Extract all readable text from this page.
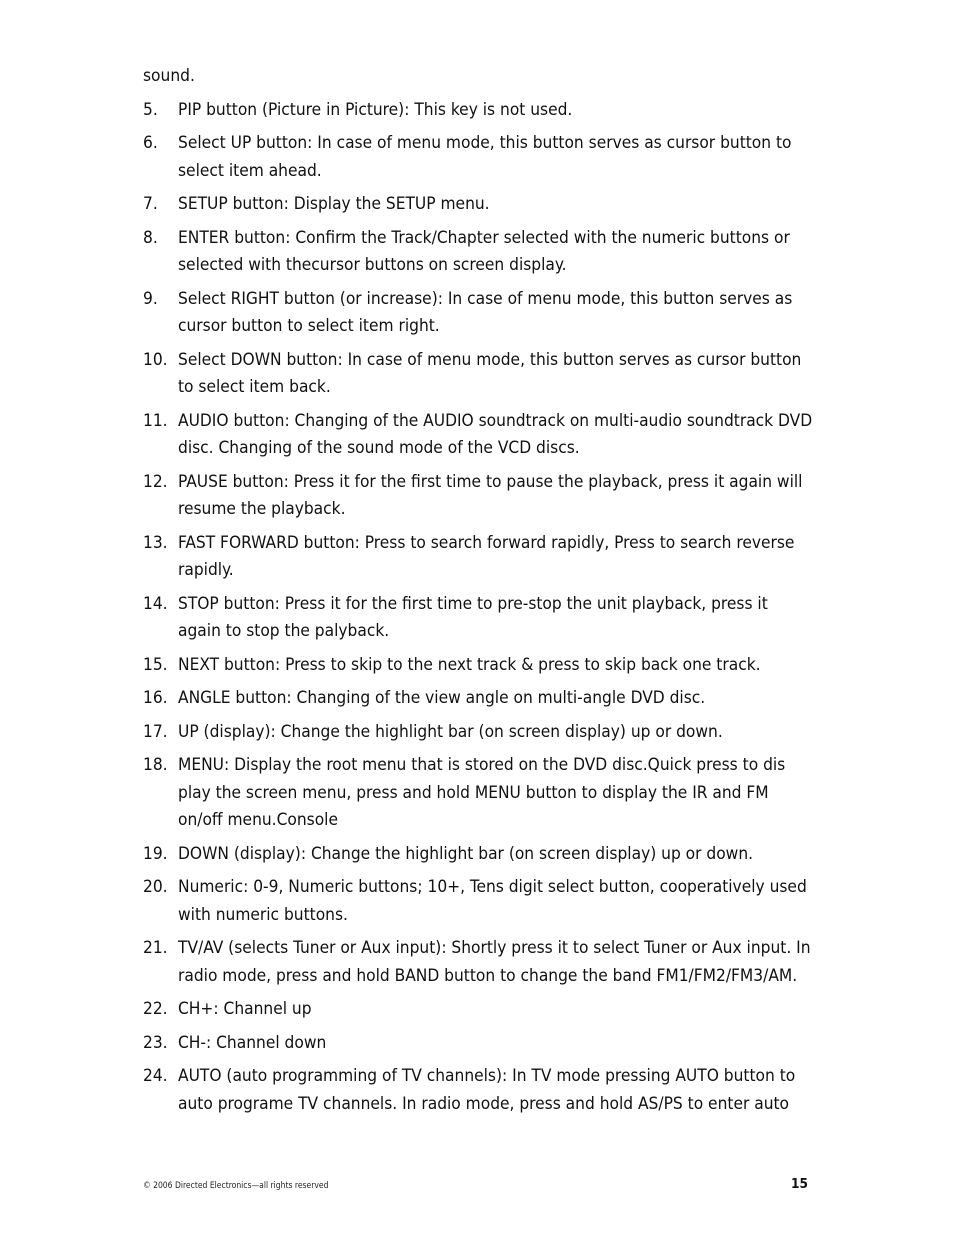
sound.

5.	PIP button (Picture in Picture): This key is not used.
6.	Select UP button: In case of menu mode, this button serves as cursor button to select item ahead.
7.	SETUP button: Display the SETUP menu.
8.	ENTER button: Confirm the Track/Chapter selected with the numeric buttons or selected with thecursor buttons on screen display.
9.	Select RIGHT button (or increase): In case of menu mode, this button serves as cursor button to select item right.
10. Select DOWN button: In case of menu mode, this button serves as cursor button to select item back.
11. AUDIO button: Changing of the AUDIO soundtrack on multi-audio soundtrack DVD disc. Changing of the sound mode of the VCD discs.
12. PAUSE button: Press it for the first time to pause the playback, press it again will resume the playback.
13. FAST FORWARD button: Press to search forward rapidly, Press to search reverse rapidly.
14. STOP button: Press it for the first time to pre-stop the unit playback, press it again to stop the palyback.
15. NEXT button: Press to skip to the next track & press to skip back one track.
16. ANGLE button: Changing of the view angle on multi-angle DVD disc.
17. UP (display): Change the highlight bar (on screen display) up or down.
18. MENU: Display the root menu that is stored on the DVD disc.Quick press to dis play the screen menu, press and hold MENU button to display the IR and FM on/off menu.Console
19. DOWN (display): Change the highlight bar (on screen display) up or down.
20. Numeric: 0-9, Numeric buttons; 10+, Tens digit select button, cooperatively used with numeric buttons.
21. TV/AV (selects Tuner or Aux input): Shortly press it to select Tuner or Aux input. In radio mode, press and hold BAND button to change the band FM1/FM2/FM3/AM.
22. CH+: Channel up
23. CH-: Channel down
24. AUTO (auto programming of TV channels): In TV mode pressing AUTO button to auto programe TV channels. In radio mode, press and hold AS/PS to enter auto
© 2006 Directed Electronics—all rights reserved	15
